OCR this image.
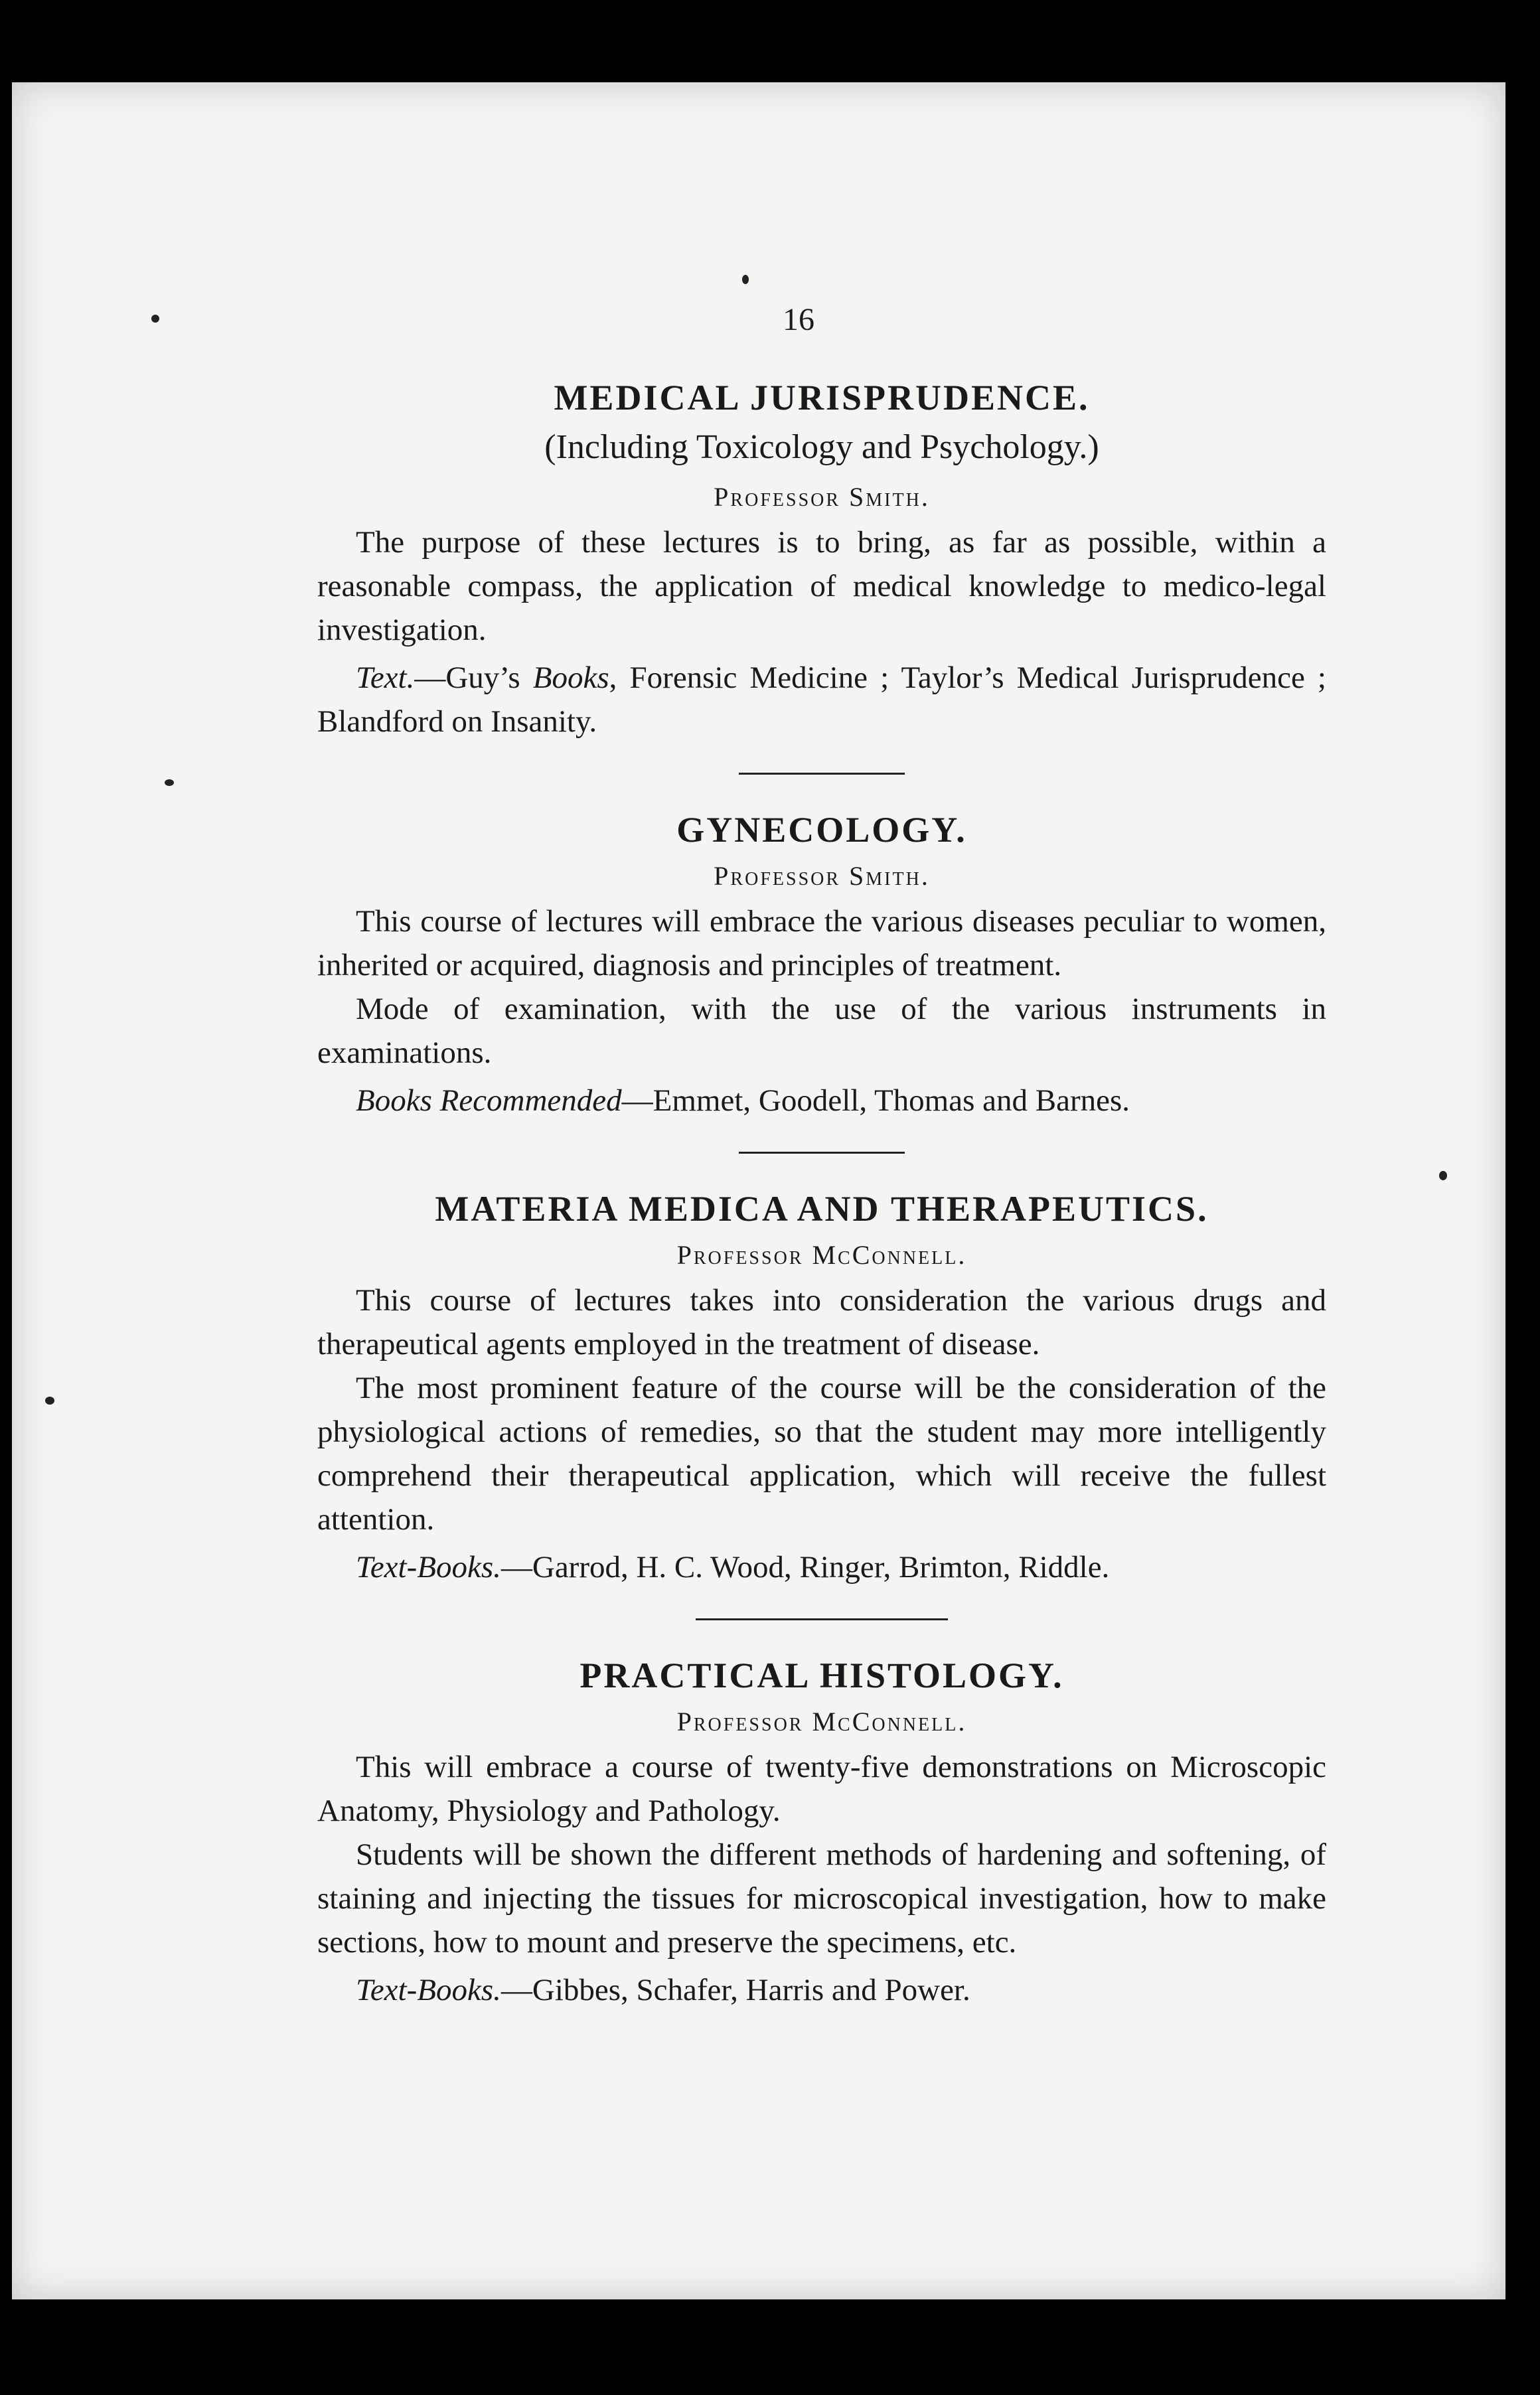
16
MEDICAL JURISPRUDENCE.

(Including Toxicology and Psychology.)

Professor Smith.

The purpose of these lectures is to bring, as far as possible, within a reasonable compass, the application of medical knowledge to medico-legal investigation.

Text.—Guy’s Books, Forensic Medicine ; Taylor’s Medical Jurisprudence ; Blandford on Insanity.

GYNECOLOGY.

Professor Smith.

This course of lectures will embrace the various diseases peculiar to women, inherited or acquired, diagnosis and principles of treatment.

Mode of examination, with the use of the various instruments in examinations.

Books Recommended—Emmet, Goodell, Thomas and Barnes.

MATERIA MEDICA AND THERAPEUTICS.

Professor McConnell.

This course of lectures takes into consideration the various drugs and therapeutical agents employed in the treatment of disease.

The most prominent feature of the course will be the consideration of the physiological actions of remedies, so that the student may more intelligently comprehend their therapeutical application, which will receive the fullest attention.

Text-Books.—Garrod, H. C. Wood, Ringer, Brimton, Riddle.

PRACTICAL HISTOLOGY.

Professor McConnell.

This will embrace a course of twenty-five demonstrations on Microscopic Anatomy, Physiology and Pathology.

Students will be shown the different methods of hardening and softening, of staining and injecting the tissues for microscopical investigation, how to make sections, how to mount and preserve the specimens, etc.

Text-Books.—Gibbes, Schafer, Harris and Power.
